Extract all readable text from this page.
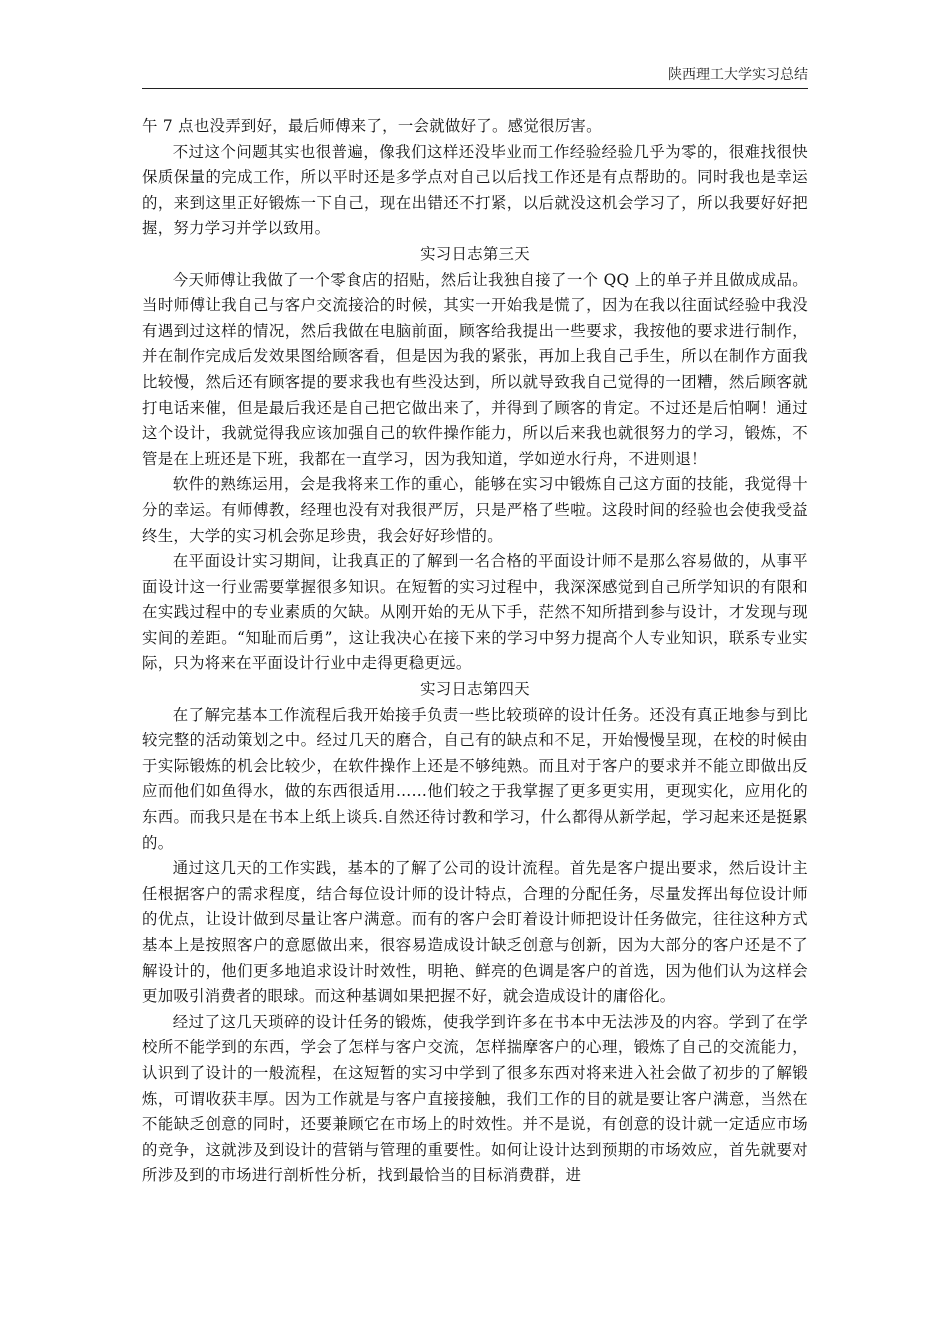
陕西理工大学实习总结

午 7 点也没弄到好，最后师傅来了，一会就做好了。感觉很厉害。

不过这个问题其实也很普遍，像我们这样还没毕业而工作经验经验几乎为零的，很难找很快保质保量的完成工作，所以平时还是多学点对自己以后找工作还是有点帮助的。同时我也是幸运的，来到这里正好锻炼一下自己，现在出错还不打紧，以后就没这机会学习了，所以我要好好把握，努力学习并学以致用。

实习日志第三天

今天师傅让我做了一个零食店的招贴，然后让我独自接了一个 QQ 上的单子并且做成成品。当时师傅让我自己与客户交流接洽的时候，其实一开始我是慌了，因为在我以往面试经验中我没有遇到过这样的情况，然后我做在电脑前面，顾客给我提出一些要求，我按他的要求进行制作，并在制作完成后发效果图给顾客看，但是因为我的紧张，再加上我自己手生，所以在制作方面我比较慢，然后还有顾客提的要求我也有些没达到，所以就导致我自己觉得的一团糟，然后顾客就打电话来催，但是最后我还是自己把它做出来了，并得到了顾客的肯定。不过还是后怕啊！通过这个设计，我就觉得我应该加强自己的软件操作能力，所以后来我也就很努力的学习，锻炼，不管是在上班还是下班，我都在一直学习，因为我知道，学如逆水行舟，不进则退！

软件的熟练运用，会是我将来工作的重心，能够在实习中锻炼自己这方面的技能，我觉得十分的幸运。有师傅教，经理也没有对我很严厉，只是严格了些啦。这段时间的经验也会使我受益终生，大学的实习机会弥足珍贵，我会好好珍惜的。

在平面设计实习期间，让我真正的了解到一名合格的平面设计师不是那么容易做的，从事平面设计这一行业需要掌握很多知识。在短暂的实习过程中，我深深感觉到自己所学知识的有限和在实践过程中的专业素质的欠缺。从刚开始的无从下手，茫然不知所措到参与设计，才发现与现实间的差距。“知耻而后勇”，这让我决心在接下来的学习中努力提高个人专业知识，联系专业实际，只为将来在平面设计行业中走得更稳更远。

实习日志第四天

在了解完基本工作流程后我开始接手负责一些比较琐碎的设计任务。还没有真正地参与到比较完整的活动策划之中。经过几天的磨合，自己有的缺点和不足，开始慢慢呈现，在校的时候由于实际锻炼的机会比较少，在软件操作上还是不够纯熟。而且对于客户的要求并不能立即做出反应而他们如鱼得水，做的东西很适用……他们较之于我掌握了更多更实用，更现实化，应用化的东西。而我只是在书本上纸上谈兵.自然还待讨教和学习，什么都得从新学起，学习起来还是挺累的。

通过这几天的工作实践，基本的了解了公司的设计流程。首先是客户提出要求，然后设计主任根据客户的需求程度，结合每位设计师的设计特点，合理的分配任务，尽量发挥出每位设计师的优点，让设计做到尽量让客户满意。而有的客户会盯着设计师把设计任务做完，往往这种方式基本上是按照客户的意愿做出来，很容易造成设计缺乏创意与创新，因为大部分的客户还是不了解设计的，他们更多地追求设计时效性，明艳、鲜亮的色调是客户的首选，因为他们认为这样会更加吸引消费者的眼球。而这种基调如果把握不好，就会造成设计的庸俗化。

经过了这几天琐碎的设计任务的锻炼，使我学到许多在书本中无法涉及的内容。学到了在学校所不能学到的东西，学会了怎样与客户交流，怎样揣摩客户的心理，锻炼了自己的交流能力，认识到了设计的一般流程，在这短暂的实习中学到了很多东西对将来进入社会做了初步的了解锻炼，可谓收获丰厚。因为工作就是与客户直接接触，我们工作的目的就是要让客户满意，当然在不能缺乏创意的同时，还要兼顾它在市场上的时效性。并不是说，有创意的设计就一定适应市场的竞争，这就涉及到设计的营销与管理的重要性。如何让设计达到预期的市场效应，首先就要对所涉及到的市场进行剖析性分析，找到最恰当的目标消费群，进
